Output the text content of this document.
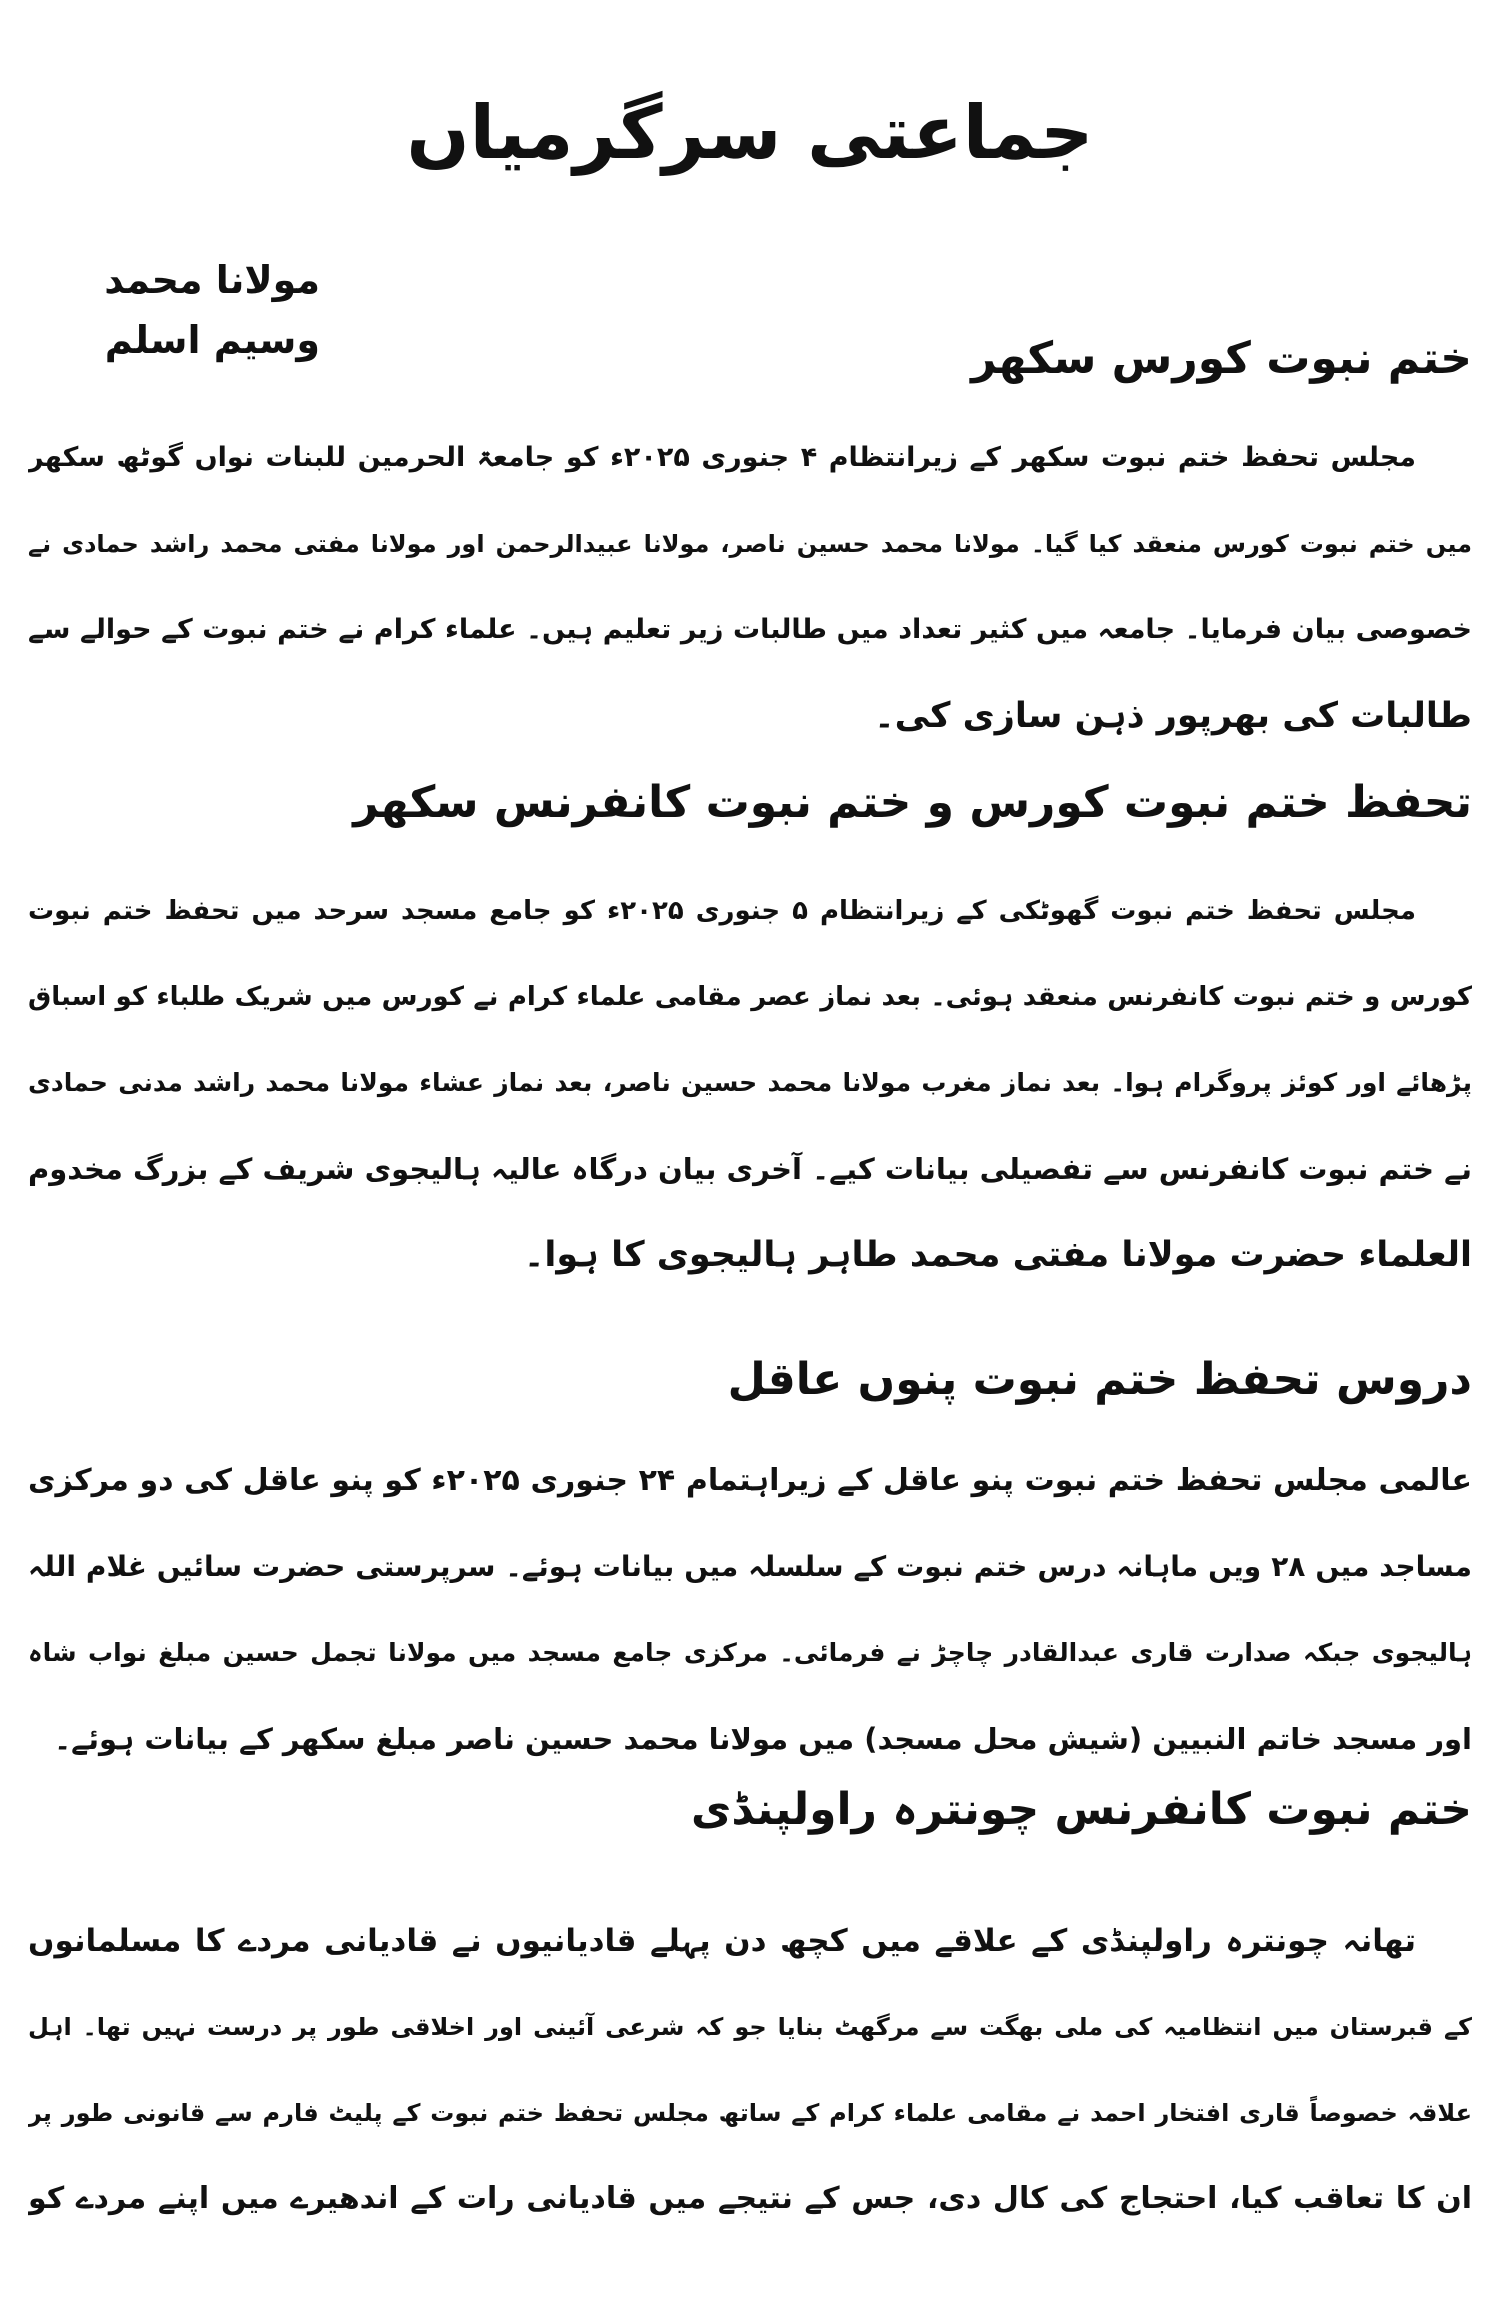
جماعتی سرگرمیاں
مولانا محمد وسیم اسلم	ختم نبوت کورس سکھر
مجلس تحفظ ختم نبوت سکھر کے زیرانتظام ۴ جنوری ۲۰۲۵ء کو جامعۃ الحرمین للبنات نواں گوٹھ سکھر
میں ختم نبوت کورس منعقد کیا گیا۔ مولانا محمد حسین ناصر، مولانا عبیدالرحمن اور مولانا مفتی محمد راشد حمادی نے
خصوصی بیان فرمایا۔ جامعہ میں کثیر تعداد میں طالبات زیر تعلیم ہیں۔ علماء کرام نے ختم نبوت کے حوالے سے
طالبات کی بھرپور ذہن سازی کی۔
تحفظ ختم نبوت کورس و ختم نبوت کانفرنس سکھر
مجلس تحفظ ختم نبوت گھوٹکی کے زیرانتظام ۵ جنوری ۲۰۲۵ء کو جامع مسجد سرحد میں تحفظ ختم نبوت
کورس و ختم نبوت کانفرنس منعقد ہوئی۔ بعد نماز عصر مقامی علماء کرام نے کورس میں شریک طلباء کو اسباق
پڑھائے اور کوئز پروگرام ہوا۔ بعد نماز مغرب مولانا محمد حسین ناصر، بعد نماز عشاء مولانا محمد راشد مدنی حمادی
نے ختم نبوت کانفرنس سے تفصیلی بیانات کیے۔ آخری بیان درگاہ عالیہ ہالیجوی شریف کے بزرگ مخدوم
العلماء حضرت مولانا مفتی محمد طاہر ہالیجوی کا ہوا۔
دروس تحفظ ختم نبوت پنوں عاقل
عالمی مجلس تحفظ ختم نبوت پنو عاقل کے زیراہتمام ۲۴ جنوری ۲۰۲۵ء کو پنو عاقل کی دو مرکزی
مساجد میں ۲۸ ویں ماہانہ درس ختم نبوت کے سلسلہ میں بیانات ہوئے۔ سرپرستی حضرت سائیں غلام اللہ
ہالیجوی جبکہ صدارت قاری عبدالقادر چاچڑ نے فرمائی۔ مرکزی جامع مسجد میں مولانا تجمل حسین مبلغ نواب شاہ
اور مسجد خاتم النبیین (شیش محل مسجد) میں مولانا محمد حسین ناصر مبلغ سکھر کے بیانات ہوئے۔
ختم نبوت کانفرنس چونترہ راولپنڈی
تھانہ چونترہ راولپنڈی کے علاقے میں کچھ دن پہلے قادیانیوں نے قادیانی مردے کا مسلمانوں
کے قبرستان میں انتظامیہ کی ملی بھگت سے مرگھٹ بنایا جو کہ شرعی آئینی اور اخلاقی طور پر درست نہیں تھا۔ اہل
علاقہ خصوصاً قاری افتخار احمد نے مقامی علماء کرام کے ساتھ مجلس تحفظ ختم نبوت کے پلیٹ فارم سے قانونی طور پر
ان کا تعاقب کیا، احتجاج کی کال دی، جس کے نتیجے میں قادیانی رات کے اندھیرے میں اپنے مردے کو
